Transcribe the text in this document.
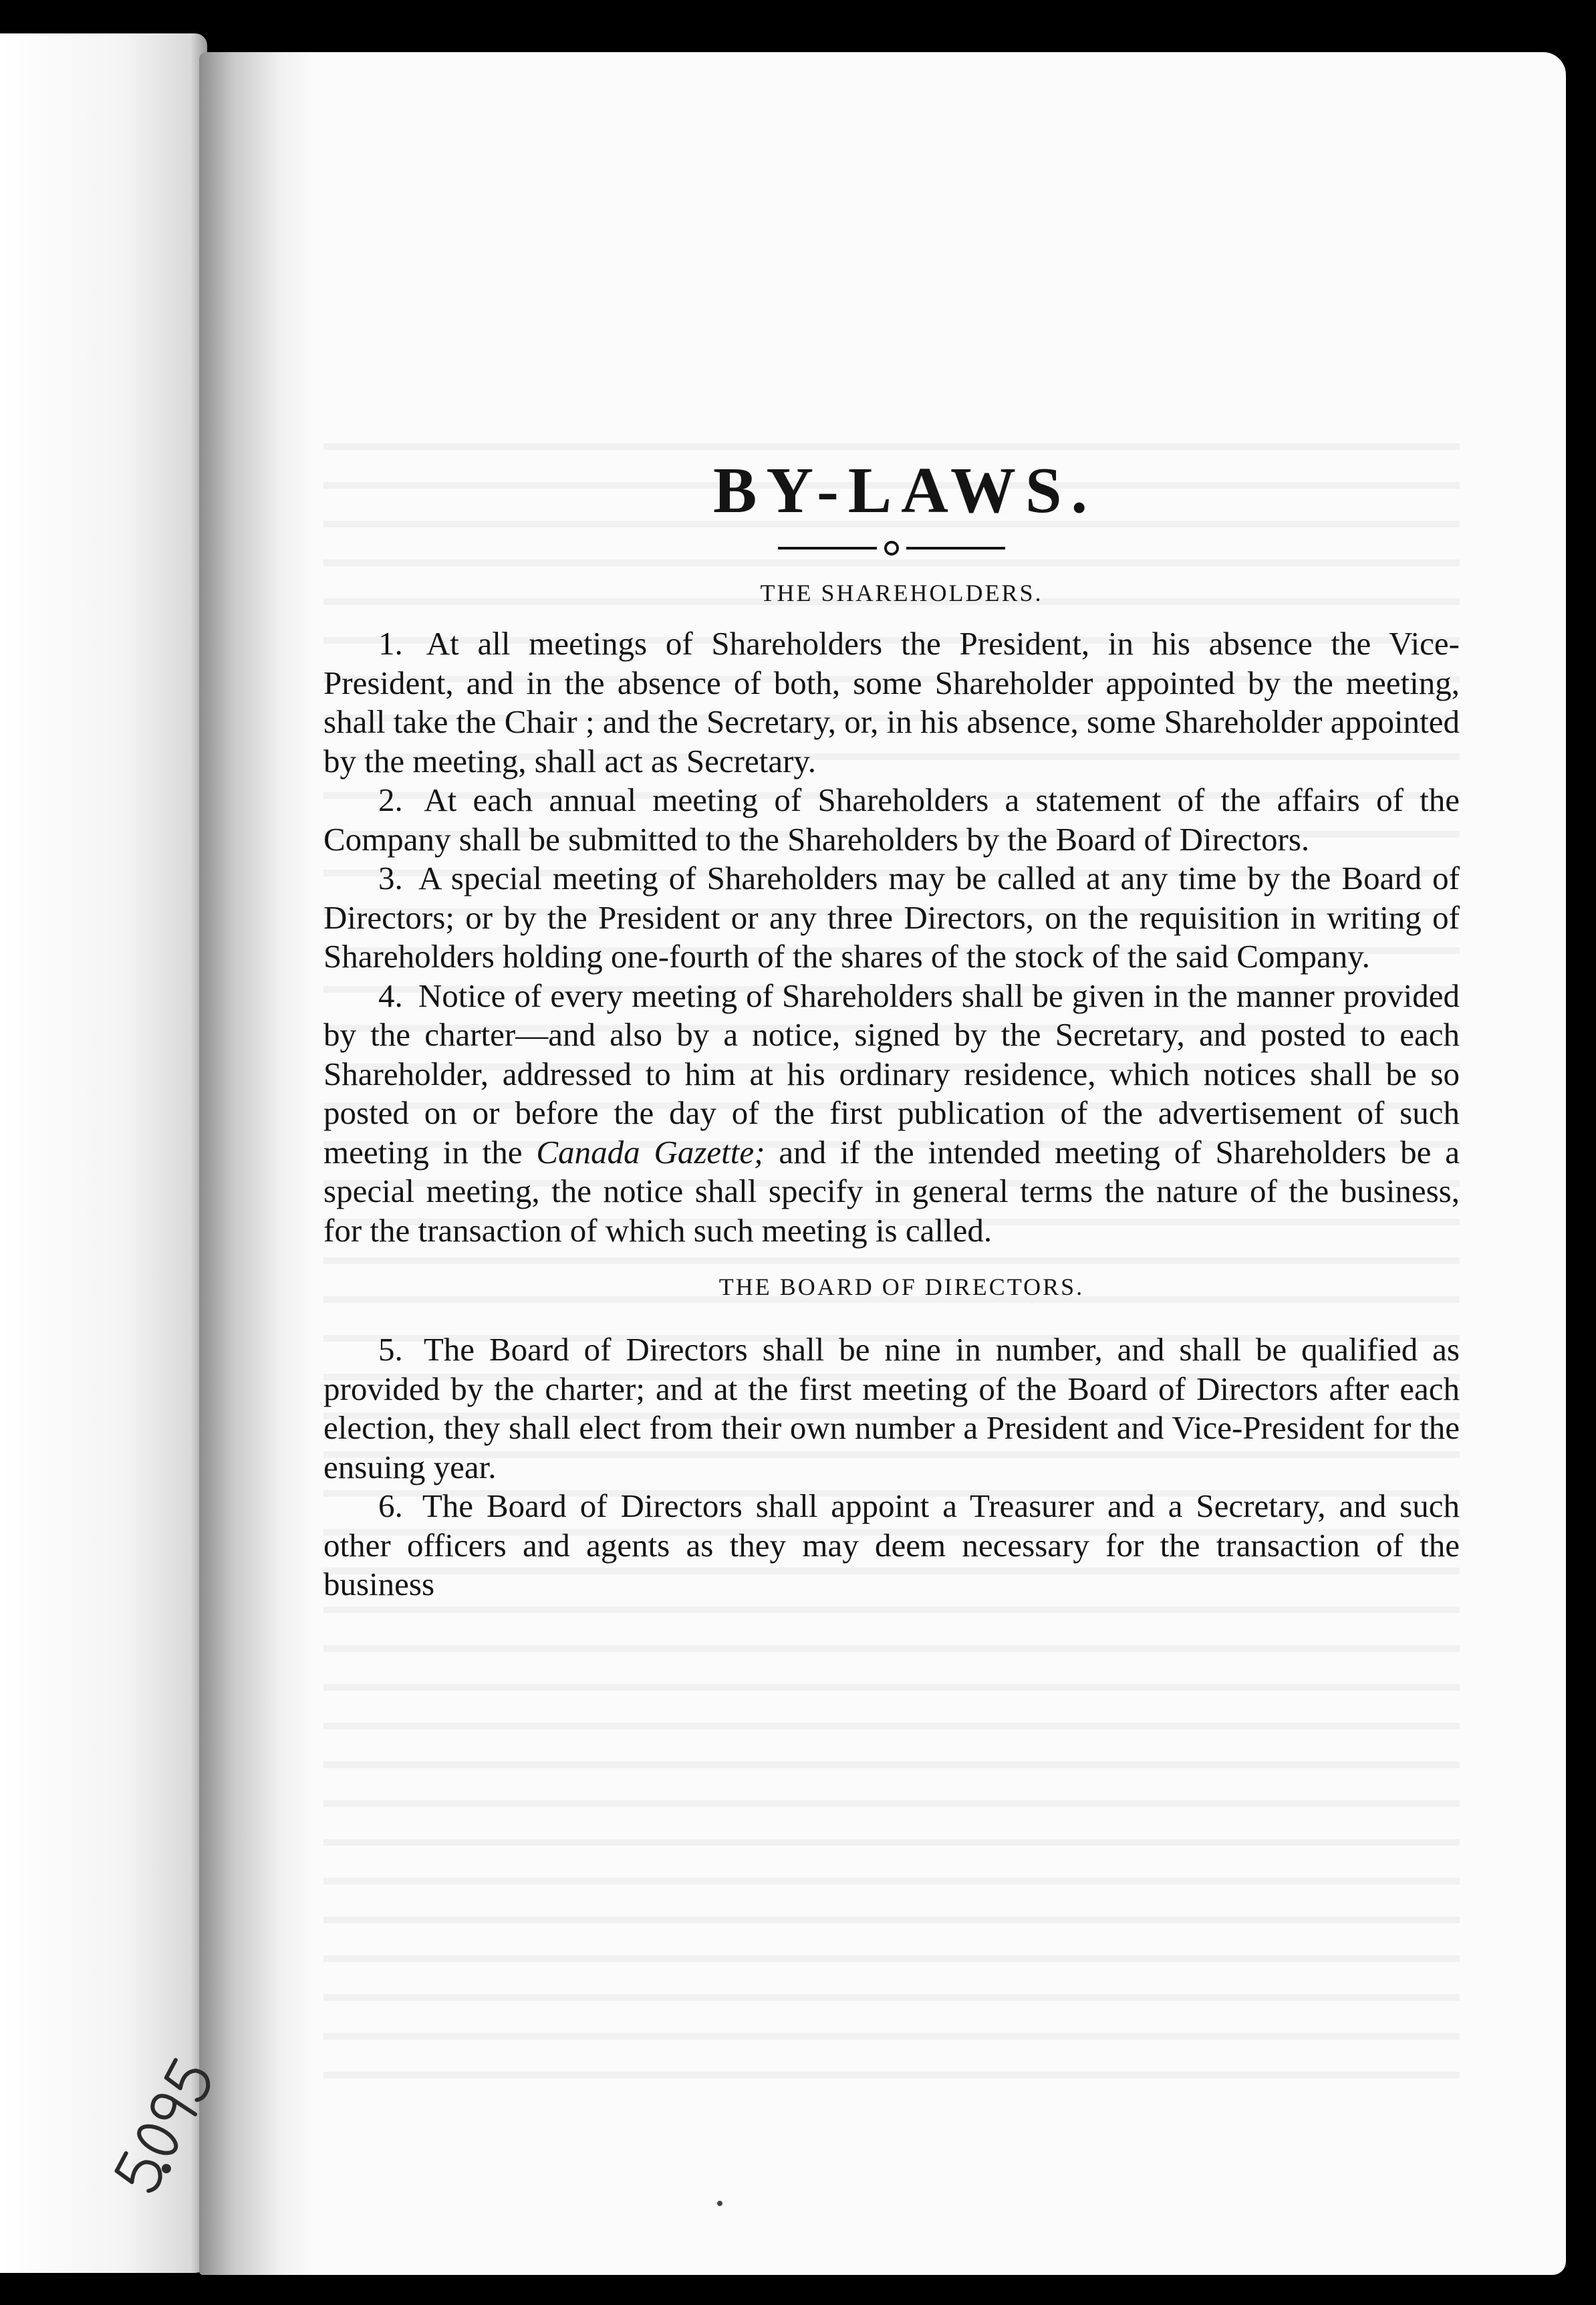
BY-LAWS.
THE SHAREHOLDERS.

1. At all meetings of Shareholders the President, in his absence the Vice-President, and in the absence of both, some Shareholder appointed by the meeting, shall take the Chair ; and the Secretary, or, in his absence, some Shareholder appointed by the meeting, shall act as Secretary.

2. At each annual meeting of Shareholders a statement of the affairs of the Company shall be submitted to the Shareholders by the Board of Directors.

3. A special meeting of Shareholders may be called at any time by the Board of Directors; or by the President or any three Directors, on the requisition in writing of Shareholders holding one-fourth of the shares of the stock of the said Company.

4. Notice of every meeting of Shareholders shall be given in the manner provided by the charter—and also by a notice, signed by the Secretary, and posted to each Shareholder, addressed to him at his ordinary residence, which notices shall be so posted on or before the day of the first publication of the advertisement of such meeting in the Canada Gazette; and if the intended meeting of Shareholders be a special meeting, the notice shall specify in general terms the nature of the business, for the transaction of which such meeting is called.

THE BOARD OF DIRECTORS.

5. The Board of Directors shall be nine in number, and shall be qualified as provided by the charter; and at the first meeting of the Board of Directors after each election, they shall elect from their own number a President and Vice-President for the ensuing year.

6. The Board of Directors shall appoint a Treasurer and a Secretary, and such other officers and agents as they may deem necessary for the transaction of the business
